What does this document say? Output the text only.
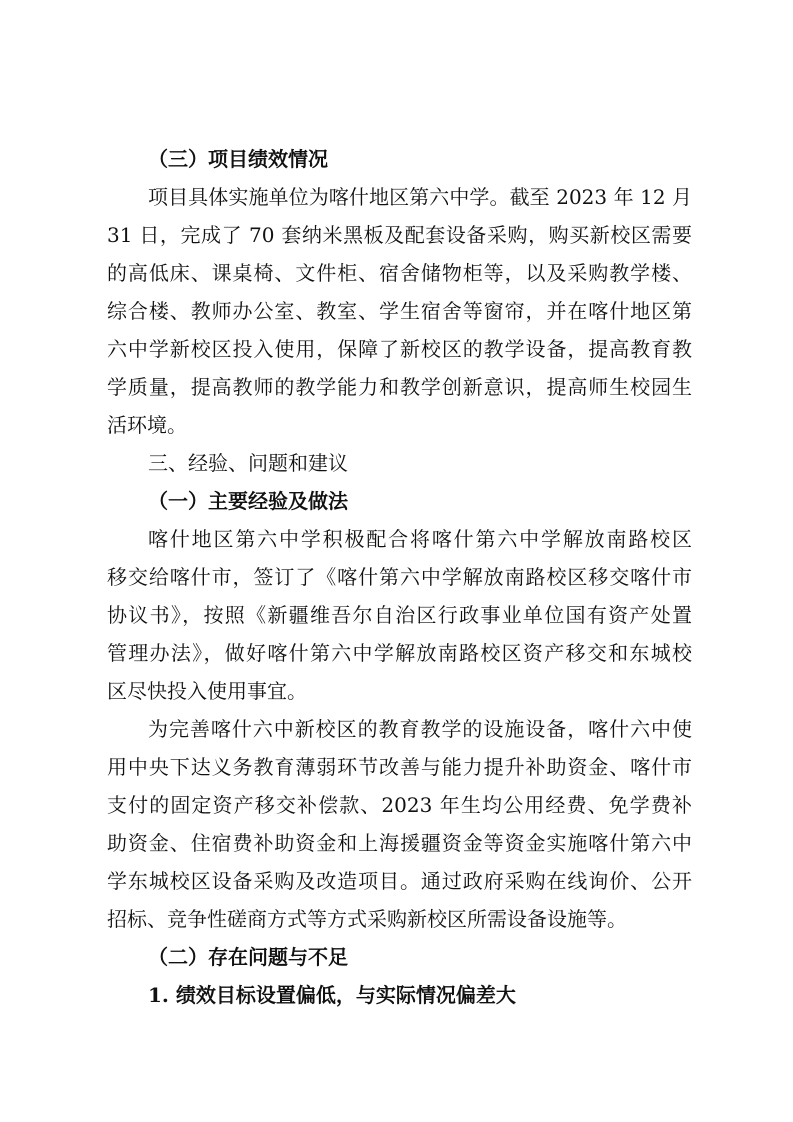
（三）项目绩效情况
项目具体实施单位为喀什地区第六中学。截至 2023 年 12 月
31 日，完成了 70 套纳米黑板及配套设备采购，购买新校区需要
的高低床、课桌椅、文件柜、宿舍储物柜等，以及采购教学楼、
综合楼、教师办公室、教室、学生宿舍等窗帘，并在喀什地区第
六中学新校区投入使用，保障了新校区的教学设备，提高教育教
学质量，提高教师的教学能力和教学创新意识，提高师生校园生
活环境。
三、经验、问题和建议
（一）主要经验及做法
喀什地区第六中学积极配合将喀什第六中学解放南路校区
移交给喀什市，签订了《喀什第六中学解放南路校区移交喀什市
协议书》，按照《新疆维吾尔自治区行政事业单位国有资产处置
管理办法》，做好喀什第六中学解放南路校区资产移交和东城校
区尽快投入使用事宜。
为完善喀什六中新校区的教育教学的设施设备，喀什六中使
用中央下达义务教育薄弱环节改善与能力提升补助资金、喀什市
支付的固定资产移交补偿款、2023 年生均公用经费、免学费补
助资金、住宿费补助资金和上海援疆资金等资金实施喀什第六中
学东城校区设备采购及改造项目。通过政府采购在线询价、公开
招标、竞争性磋商方式等方式采购新校区所需设备设施等。
（二）存在问题与不足
1. 绩效目标设置偏低，与实际情况偏差大
